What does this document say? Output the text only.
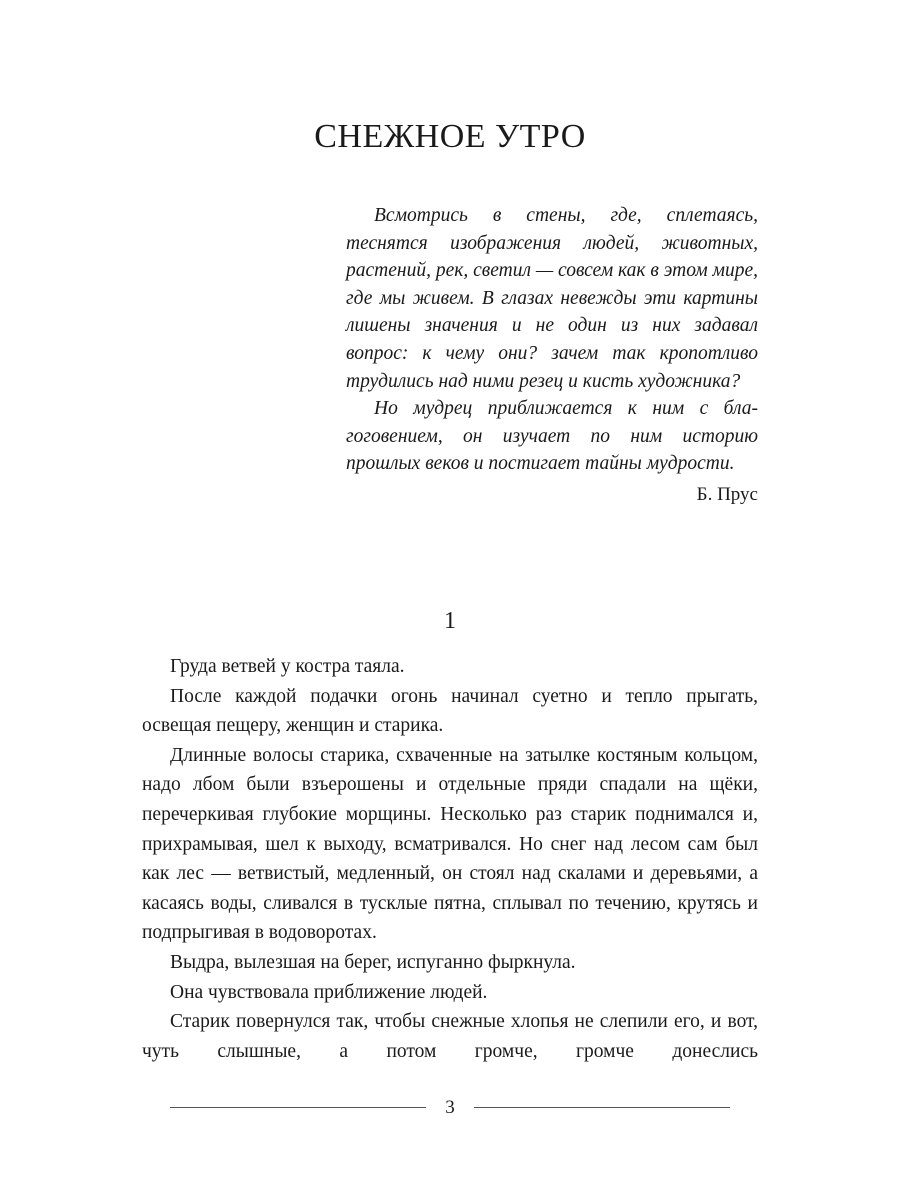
СНЕЖНОЕ УТРО

Всмотрись в стены, где, сплетаясь, теснятся изображения людей, животных, растений, рек, светил — совсем как в этом мире, где мы живем. В глазах невежды эти картины лишены значения и не один из них задавал вопрос: к чему они? зачем так кропотливо трудились над ними резец и кисть художника?

Но мудрец приближается к ним с благоговением, он изучает по ним историю прошлых веков и постигает тайны мудрости.

Б. Прус
1

Груда ветвей у костра таяла.

После каждой подачки огонь начинал суетно и тепло прыгать, освещая пещеру, женщин и старика.

Длинные волосы старика, схваченные на затылке костяным кольцом, надо лбом были взъерошены и отдельные пряди спадали на щёки, перечеркивая глубокие морщины. Несколько раз старик поднимался и, прихрамывая, шел к выходу, всматривался. Но снег над лесом сам был как лес — ветвистый, медленный, он стоял над скалами и деревьями, а касаясь воды, сливался в тусклые пятна, сплывал по течению, крутясь и подпрыгивая в водоворотах.

Выдра, вылезшая на берег, испуганно фыркнула.

Она чувствовала приближение людей.

Старик повернулся так, чтобы снежные хлопья не слепили его, и вот, чуть слышные, а потом громче, громче донеслись

3
